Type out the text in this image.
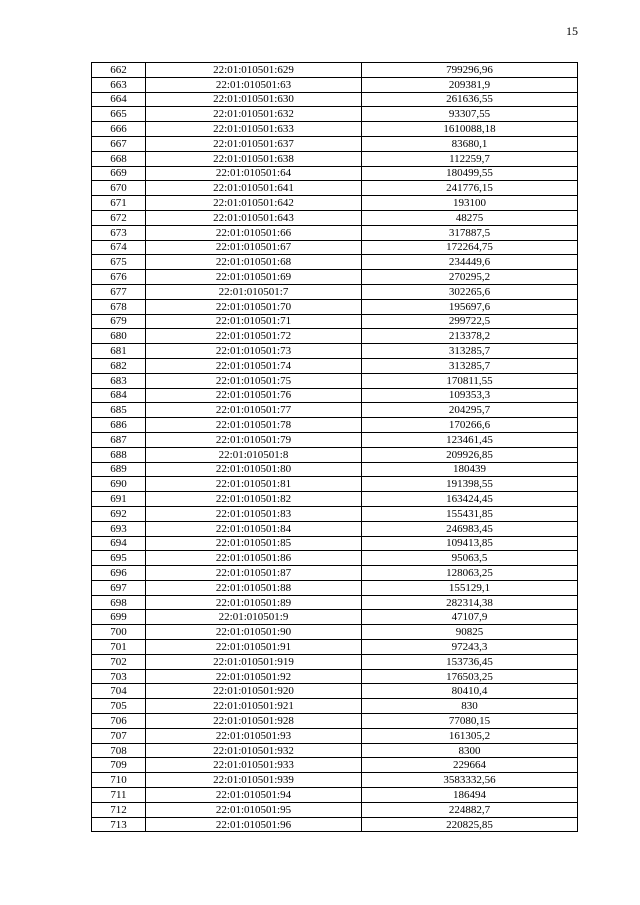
15
662	22:01:010501:629	799296,96
663	22:01:010501:63	209381,9
664	22:01:010501:630	261636,55
665	22:01:010501:632	93307,55
666	22:01:010501:633	1610088,18
667	22:01:010501:637	83680,1
668	22:01:010501:638	112259,7
669	22:01:010501:64	180499,55
670	22:01:010501:641	241776,15
671	22:01:010501:642	193100
672	22:01:010501:643	48275
673	22:01:010501:66	317887,5
674	22:01:010501:67	172264,75
675	22:01:010501:68	234449,6
676	22:01:010501:69	270295,2
677	22:01:010501:7	302265,6
678	22:01:010501:70	195697,6
679	22:01:010501:71	299722,5
680	22:01:010501:72	213378,2
681	22:01:010501:73	313285,7
682	22:01:010501:74	313285,7
683	22:01:010501:75	170811,55
684	22:01:010501:76	109353,3
685	22:01:010501:77	204295,7
686	22:01:010501:78	170266,6
687	22:01:010501:79	123461,45
688	22:01:010501:8	209926,85
689	22:01:010501:80	180439
690	22:01:010501:81	191398,55
691	22:01:010501:82	163424,45
692	22:01:010501:83	155431,85
693	22:01:010501:84	246983,45
694	22:01:010501:85	109413,85
695	22:01:010501:86	95063,5
696	22:01:010501:87	128063,25
697	22:01:010501:88	155129,1
698	22:01:010501:89	282314,38
699	22:01:010501:9	47107,9
700	22:01:010501:90	90825
701	22:01:010501:91	97243,3
702	22:01:010501:919	153736,45
703	22:01:010501:92	176503,25
704	22:01:010501:920	80410,4
705	22:01:010501:921	830
706	22:01:010501:928	77080,15
707	22:01:010501:93	161305,2
708	22:01:010501:932	8300
709	22:01:010501:933	229664
710	22:01:010501:939	3583332,56
711	22:01:010501:94	186494
712	22:01:010501:95	224882,7
713	22:01:010501:96	220825,85
